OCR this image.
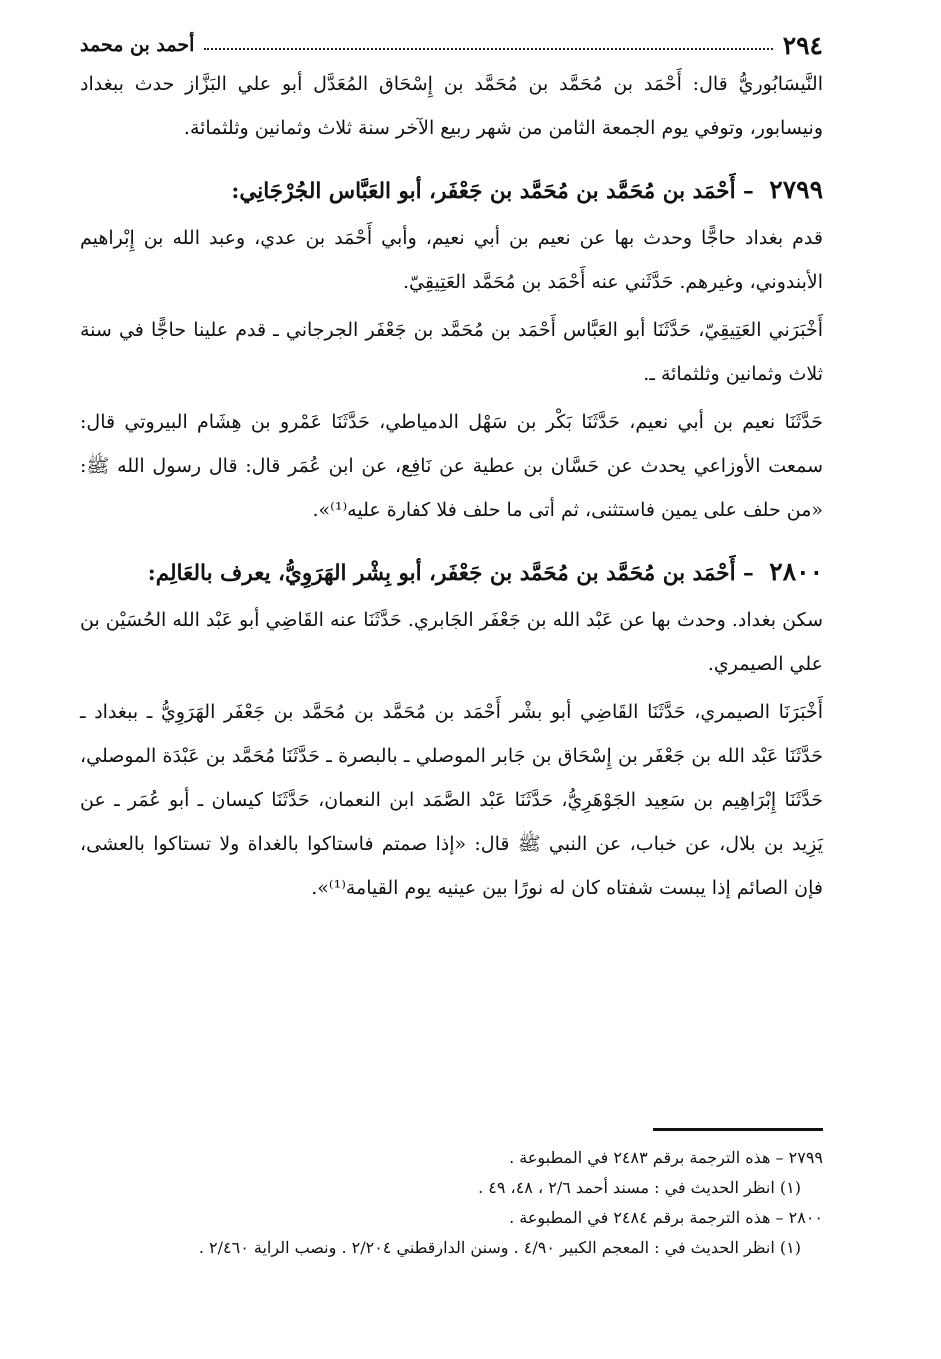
٢٩٤
أحمد بن محمد

النَّيسَابُوريُّ قال: أَحْمَد بن مُحَمَّد بن مُحَمَّد بن إِسْحَاق المُعَدَّل أبو علي البَزَّاز حدث ببغداد ونيسابور، وتوفي يوم الجمعة الثامن من شهر ربيع الآخر سنة ثلاث وثمانين وثلثمائة.

٢٧٩٩ – أَحْمَد بن مُحَمَّد بن مُحَمَّد بن جَعْفَر، أبو العَبَّاس الجُرْجَانِي:

قدم بغداد حاجًّا وحدث بها عن نعيم بن أبي نعيم، وأبي أَحْمَد بن عدي، وعبد الله بن إِبْراهيم الأبندوني، وغيرهم. حَدَّثَني عنه أَحْمَد بن مُحَمَّد العَتِيقِيّ.

أَخْبَرَني العَتِيقِيّ، حَدَّثَنَا أبو العَبَّاس أَحْمَد بن مُحَمَّد بن جَعْفَر الجرجاني ـ قدم علينا حاجًّا في سنة ثلاث وثمانين وثلثمائة ـ.

حَدَّثَنَا نعيم بن أبي نعيم، حَدَّثَنَا بَكْر بن سَهْل الدمياطي، حَدَّثَنَا عَمْرو بن هِشَام البيروتي قال: سمعت الأوزاعي يحدث عن حَسَّان بن عطية عن نَافِع، عن ابن عُمَر قال: قال رسول الله ﷺ: «من حلف على يمين فاستثنى، ثم أتى ما حلف فلا كفارة عليه⁽¹⁾».

٢٨٠٠ – أَحْمَد بن مُحَمَّد بن مُحَمَّد بن جَعْفَر، أبو بِشْر الهَرَوِيُّ، يعرف بالعَالِم:

سكن بغداد. وحدث بها عن عَبْد الله بن جَعْفَر الجَابري. حَدَّثَنَا عنه القَاضِي أبو عَبْد الله الحُسَيْن بن علي الصيمري.

أَخْبَرَنَا الصيمري، حَدَّثَنَا القَاضِي أبو بشْر أَحْمَد بن مُحَمَّد بن مُحَمَّد بن جَعْفَر الهَرَوِيُّ ـ ببغداد ـ حَدَّثَنَا عَبْد الله بن جَعْفَر بن إِسْحَاق بن جَابر الموصلي ـ بالبصرة ـ حَدَّثَنَا مُحَمَّد بن عَبْدَة الموصلي، حَدَّثَنَا إِبْرَاهِيم بن سَعِيد الجَوْهَرِيُّ، حَدَّثَنَا عَبْد الصَّمَد ابن النعمان، حَدَّثَنَا كيسان ـ أبو عُمَر ـ عن يَزِيد بن بلال، عن خباب، عن النبي ﷺ قال: «إذا صمتم فاستاكوا بالغداة ولا تستاكوا بالعشى، فإن الصائم إذا يبست شفتاه كان له نورًا بين عينيه يوم القيامة⁽¹⁾».

٢٧٩٩ – هذه الترجمة برقم ٢٤٨٣ في المطبوعة .

(١) انظر الحديث في : مسند أحمد ٢/٦ ، ٤٨، ٤٩ .

٢٨٠٠ – هذه الترجمة برقم ٢٤٨٤ في المطبوعة .

(١) انظر الحديث في : المعجم الكبير ٤/٩٠ . وسنن الدارقطني ٢/٢٠٤ . ونصب الراية ٢/٤٦٠ .
